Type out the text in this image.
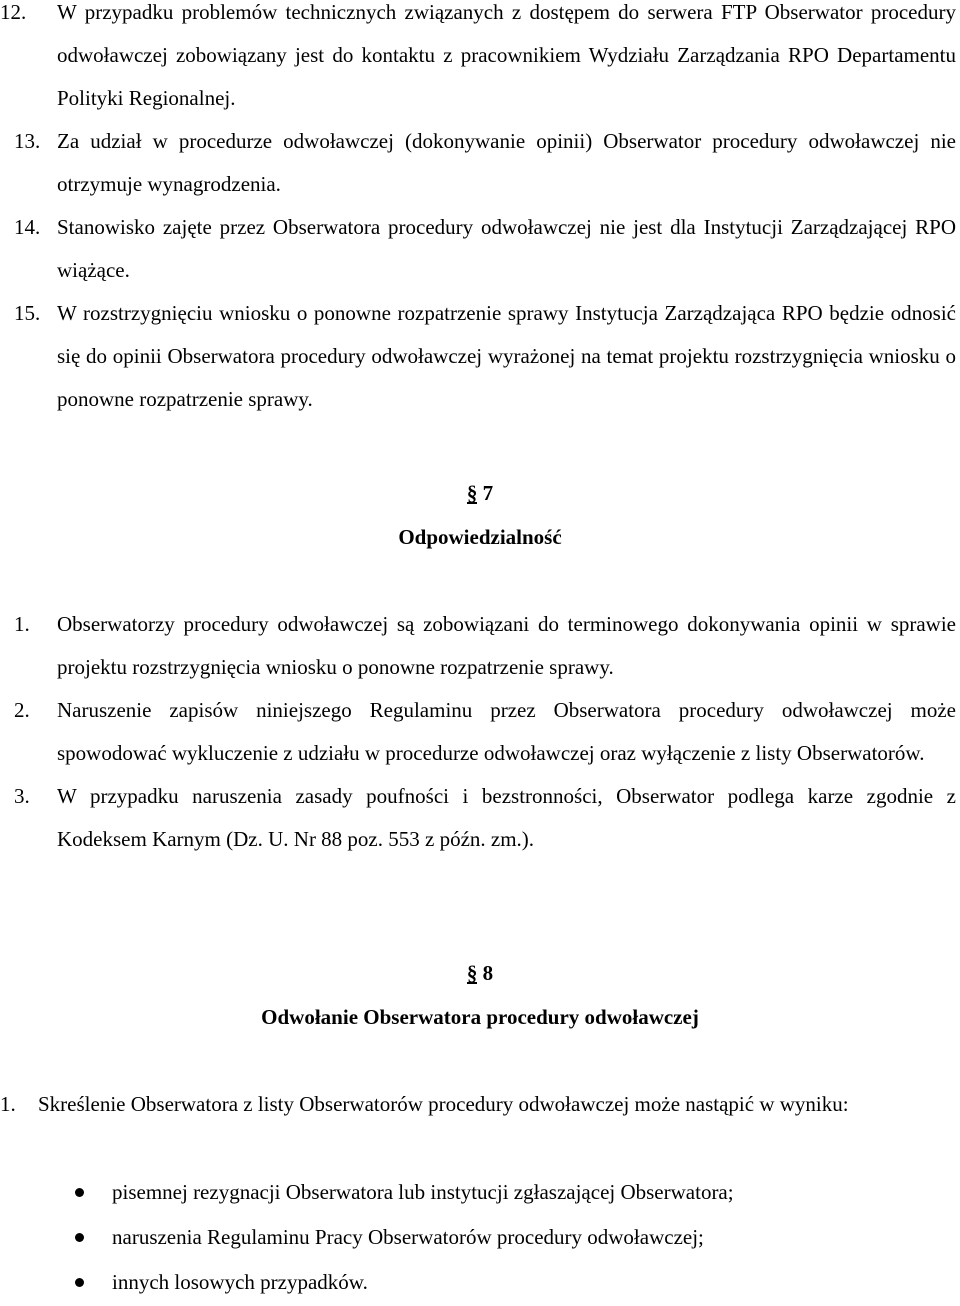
12.	W przypadku problemów technicznych związanych z dostępem do serwera FTP Obserwator procedury odwoławczej zobowiązany jest do kontaktu z pracownikiem Wydziału Zarządzania RPO Departamentu Polityki Regionalnej.
13. Za udział w procedurze odwoławczej (dokonywanie opinii) Obserwator procedury odwoławczej nie otrzymuje wynagrodzenia.
14. Stanowisko zajęte przez Obserwatora procedury odwoławczej nie jest dla Instytucji Zarządzającej RPO wiążące.
15. W rozstrzygnięciu wniosku o ponowne rozpatrzenie sprawy Instytucja Zarządzająca RPO będzie odnosić się do opinii Obserwatora procedury odwoławczej wyrażonej na temat projektu rozstrzygnięcia wniosku o ponowne rozpatrzenie sprawy.
§ 7
Odpowiedzialność
1.	Obserwatorzy procedury odwoławczej są zobowiązani do terminowego dokonywania opinii w sprawie projektu rozstrzygnięcia wniosku o ponowne rozpatrzenie sprawy.
2.	Naruszenie zapisów niniejszego Regulaminu przez Obserwatora procedury odwoławczej może spowodować wykluczenie z udziału w procedurze odwoławczej oraz wyłączenie z listy Obserwatorów.
3.	W przypadku naruszenia zasady poufności i bezstronności, Obserwator podlega karze zgodnie z Kodeksem Karnym (Dz. U. Nr 88 poz. 553 z późn. zm.).
§ 8
Odwołanie Obserwatora procedury odwoławczej
1. Skreślenie Obserwatora z listy Obserwatorów procedury odwoławczej może nastąpić w wyniku:
pisemnej rezygnacji Obserwatora lub instytucji zgłaszającej Obserwatora;
naruszenia Regulaminu Pracy Obserwatorów procedury odwoławczej;
innych losowych przypadków.
